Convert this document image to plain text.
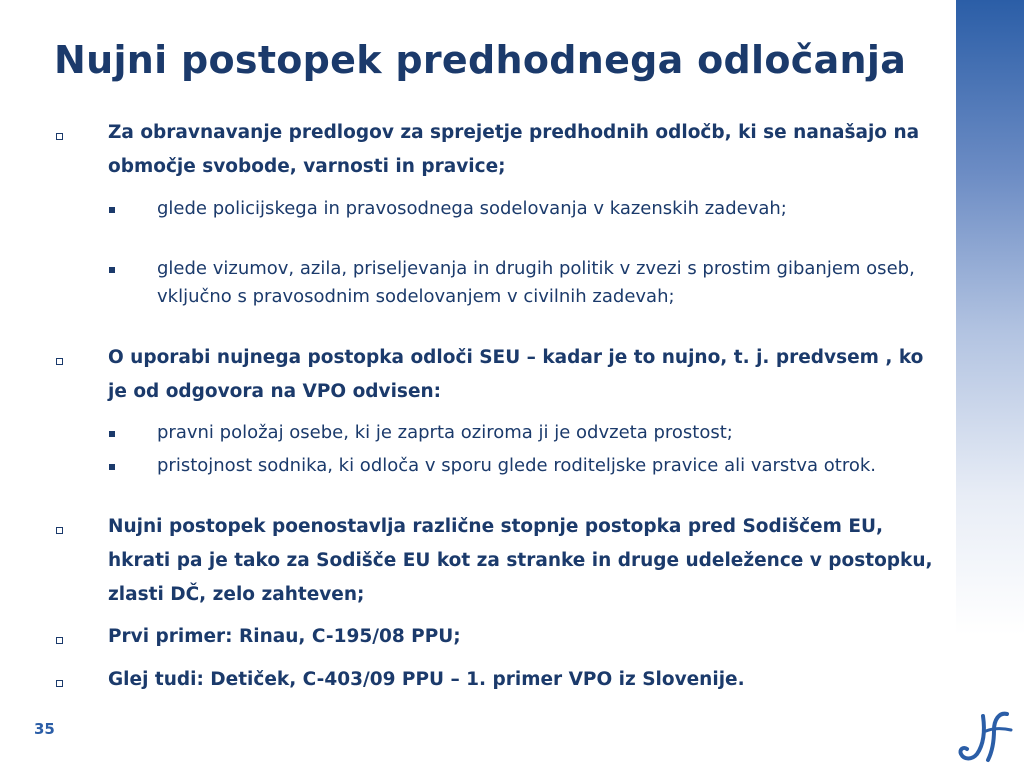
Nujni postopek predhodnega odločanja
Za obravnavanje predlogov za sprejetje predhodnih odločb, ki se nanašajo na območje svobode, varnosti in pravice;
glede policijskega in pravosodnega sodelovanja v kazenskih zadevah;
glede vizumov, azila, priseljevanja in drugih politik v zvezi s prostim gibanjem oseb, vključno s pravosodnim sodelovanjem v civilnih zadevah;
O uporabi nujnega postopka odloči SEU – kadar je to nujno, t. j. predvsem , ko je od odgovora na VPO odvisen:
pravni položaj osebe, ki je zaprta oziroma ji je odvzeta prostost;
pristojnost sodnika, ki odloča v sporu glede roditeljske pravice ali varstva otrok.
Nujni postopek poenostavlja različne stopnje postopka pred Sodiščem EU, hkrati pa je tako za Sodišče EU kot za stranke in druge udeležence v postopku, zlasti DČ, zelo zahteven;
Prvi primer: Rinau, C-195/08 PPU;
Glej tudi: Detiček, C-403/09 PPU – 1. primer VPO iz Slovenije.
35
